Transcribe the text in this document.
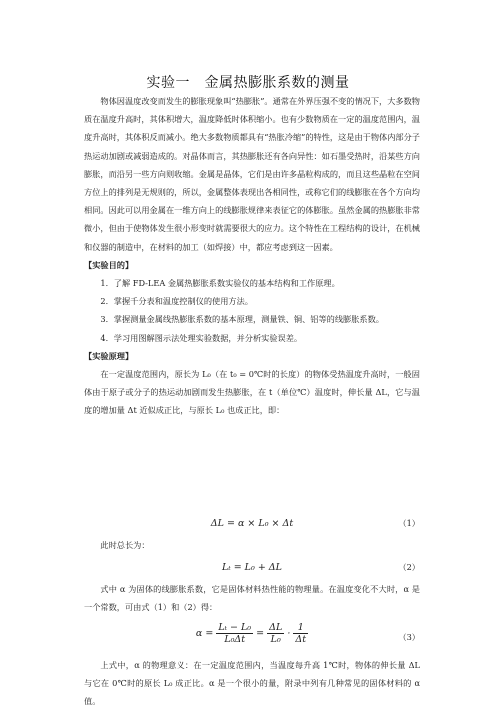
实验一　金属热膨胀系数的测量

物体因温度改变而发生的膨胀现象叫“热膨胀”。通常在外界压强不变的情况下，大多数物质在温度升高时，其体积增大，温度降低时体积缩小。也有少数物质在一定的温度范围内，温度升高时，其体积反而减小。绝大多数物质都具有“热胀冷缩”的特性，这是由于物体内部分子热运动加剧或减弱造成的。对晶体而言，其热膨胀还有各向异性：如石墨受热时，沿某些方向膨胀，而沿另一些方向则收缩。金属是晶体，它们是由许多晶粒构成的，而且这些晶粒在空间方位上的排列是无规则的，所以，金属整体表现出各相同性，或称它们的线膨胀在各个方向均相同。因此可以用金属在一维方向上的线膨胀规律来表征它的体膨胀。虽然金属的热膨胀非常微小，但由于使物体发生很小形变时就需要很大的应力。这个特性在工程结构的设计，在机械和仪器的制造中，在材料的加工（如焊接）中，都应考虑到这一因素。

【实验目的】

1．了解 FD-LEA 金属热膨胀系数实验仪的基本结构和工作原理。

2．掌握千分表和温度控制仪的使用方法。

3．掌握测量金属线热膨胀系数的基本原理，测量铁、铜、铝等的线膨胀系数。

4．学习用图解图示法处理实验数据，并分析实验误差。

【实验原理】

在一定温度范围内，原长为 L₀（在 t₀ = 0℃时的长度）的物体受热温度升高时，一般固体由于原子或分子的热运动加剧而发生热膨胀，在 t（单位℃）温度时，伸长量 ΔL，它与温度的增加量 Δt 近似成正比，与原长 L₀ 也成正比，即：

ΔL = α × L₀ × Δt	（1）

此时总长为：

Lₜ = L₀ + ΔL	（2）

式中 α 为固体的线膨胀系数，它是固体材料热性能的物理量。在温度变化不大时，α 是一个常数，可由式（1）和（2）得：

$\alpha = \frac{\text{Lₜ − L₀}}{\text{L₀Δt}} = \frac{\Delta L}{\text{L₀}} \cdot \frac{1}{\Delta t}$	（3）

上式中，α 的物理意义：在一定温度范围内，当温度每升高 1℃时，物体的伸长量 ΔL 与它在 0℃时的原长 L₀ 成正比。α 是一个很小的量，附录中列有几种常见的固体材料的 α 值。
